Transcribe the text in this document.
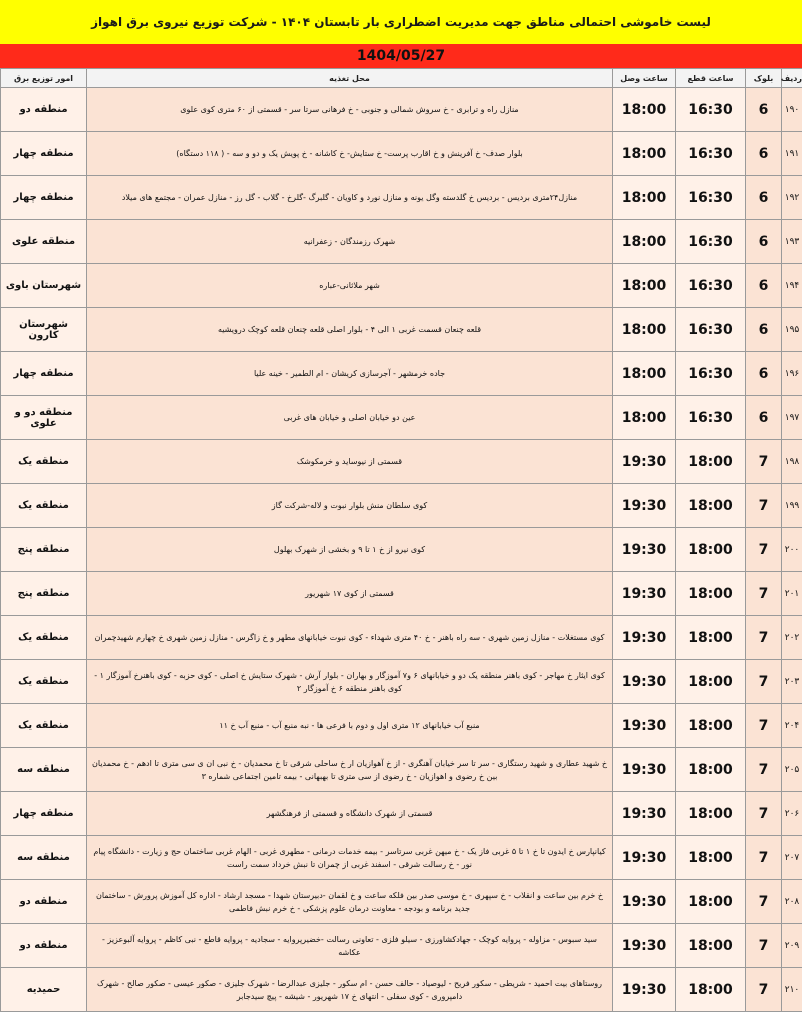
لیست خاموشی احتمالی مناطق جهت مدیریت اضطراری بار تابستان ۱۴۰۴ - شرکت توزیع نیروی برق اهواز
1404/05/27
ردیف	بلوک	ساعت قطع	ساعت وصل	محل تغذیه	امور توزیع برق
۱۹۰	6	16:30	18:00	منازل راه و ترابری - خ سروش شمالی و جنوبی - خ فرهانی سرتا سر - قسمتی از ۶۰ متری کوی علوی	منطقه دو
۱۹۱	6	16:30	18:00	بلوار صدف- خ آفرینش و خ اقارب پرست- خ ستایش- خ کاشانه - خ پویش یک و دو و سه - ( ۱۱۸ دستگاه)	منطقه چهار
۱۹۲	6	16:30	18:00	منازل۲۴متری بردیس - بردیس خ گلدسته وگل یونه و منازل نورد و کاویان - گلبرگ -گلرخ - گلاب - گل رز - منازل عمران - مجتمع های میلاد	منطقه چهار
۱۹۳	6	16:30	18:00	شهرک رزمندگان - زعفرانیه	منطقه علوی
۱۹۴	6	16:30	18:00	شهر ملاثانی-عباره	شهرستان باوی
۱۹۵	6	16:30	18:00	قلعه چنعان قسمت غربی ۱ الی ۴ - بلوار اصلی قلعه چنعان قلعه کوچک درویشیه	شهرستان کارون
۱۹۶	6	16:30	18:00	جاده خرمشهر - آجرسازی کریشان - ام الطمیر - خینه علیا	منطقه چهار
۱۹۷	6	16:30	18:00	عین دو خیابان اصلی و خیابان های غربی	منطقه دو و علوی
۱۹۸	7	18:00	19:30	قسمتی از نیوساید و خرمکوشک	منطقه یک
۱۹۹	7	18:00	19:30	کوی سلطان منش بلوار نبوت و لاله-شرکت گاز	منطقه یک
۲۰۰	7	18:00	19:30	کوی نیرو از خ ۱ تا ۹ و بخشی از شهرک بهلول	منطقه پنج
۲۰۱	7	18:00	19:30	قسمتی از کوی ۱۷ شهریور	منطقه پنج
۲۰۲	7	18:00	19:30	کوی مستغلات - منازل زمین شهری - سه راه باهنر - خ ۴۰ متری شهداء - کوی نبوت خیابانهای مطهر و خ زاگرس - منازل زمین شهری خ چهارم شهیدچمران	منطقه یک
۲۰۳	7	18:00	19:30	کوی ایثار خ مهاجر - کوی باهنر منطقه یک دو و خیابانهای ۶ و۷ آموزگار و بهاران - بلوار آرش - شهرک ستایش خ اصلی - کوی حزبه - کوی باهنرخ آموزگار ۱ - کوی باهنر منطقه ۶ خ آموزگار ۲	منطقه یک
۲۰۴	7	18:00	19:30	منبع آب خیابانهای ۱۲ متری اول و دوم با فرعی ها - نبه منبع آب - منبع آب خ ۱۱	منطقه یک
۲۰۵	7	18:00	19:30	خ شهید عطاری و شهید رستگاری - سر تا سر خیابان آهنگری - از خ آهوازیان ار خ ساحلی شرقی تا خ محمدیان - خ نبی ان ی سی متری تا ادهم - خ محمدیان بین خ رضوی و اهوازیان - خ رضوی از سی متری تا بهبهانی - بیمه تامین اجتماعی شماره ۳	منطقه سه
۲۰۶	7	18:00	19:30	قسمتی از شهرک دانشگاه و قسمتی از فرهنگشهر	منطقه چهار
۲۰۷	7	18:00	19:30	کیانپارس خ ایدون تا خ ۱ تا ۵ غربی فاز یک - خ میهن غربی سرتاسر - بیمه خدمات درمانی - مطهری غربی - الهام غربی ساختمان حج و زیارت - دانشگاه پیام نور - خ رسالت شرقی - اسفند غربی از چمران تا نبش خرداد سمت راست	منطقه سه
۲۰۸	7	18:00	19:30	خ خرم بین ساعت و انقلاب - خ سپهری - خ موسی صدر بین فلکه ساعت و خ لقمان -دبیرستان شهدا - مسجد ارشاد - اداره کل آموزش پرورش - ساختمان جدید برنامه و بودجه - معاونت درمان علوم پزشکی - خ خرم نبش فاطمی	منطقه دو
۲۰۹	7	18:00	19:30	سید سبوس - مزاوله - پروایه کوچک - جهادکشاورزی - سیلو فلزی - تعاونی رسالت -خضیرپروایه - سجادیه - پروایه قاطع - نبی کاظم - پروایه آلبوعزیز - عکاشه	منطقه دو
۲۱۰	7	18:00	19:30	روستاهای بیت احمید - شریطی - سکور فریح - لیوصیاد - حالف حسن - ام سکور - جلیزی عبدالرضا - شهرک جلیزی - صکور عیسی - صکور صالح - شهرک دامپروری - کوی سفلی - انتهای خ ۱۷ شهریور - شیشه - پیچ سیدجابر	حمیدیه
